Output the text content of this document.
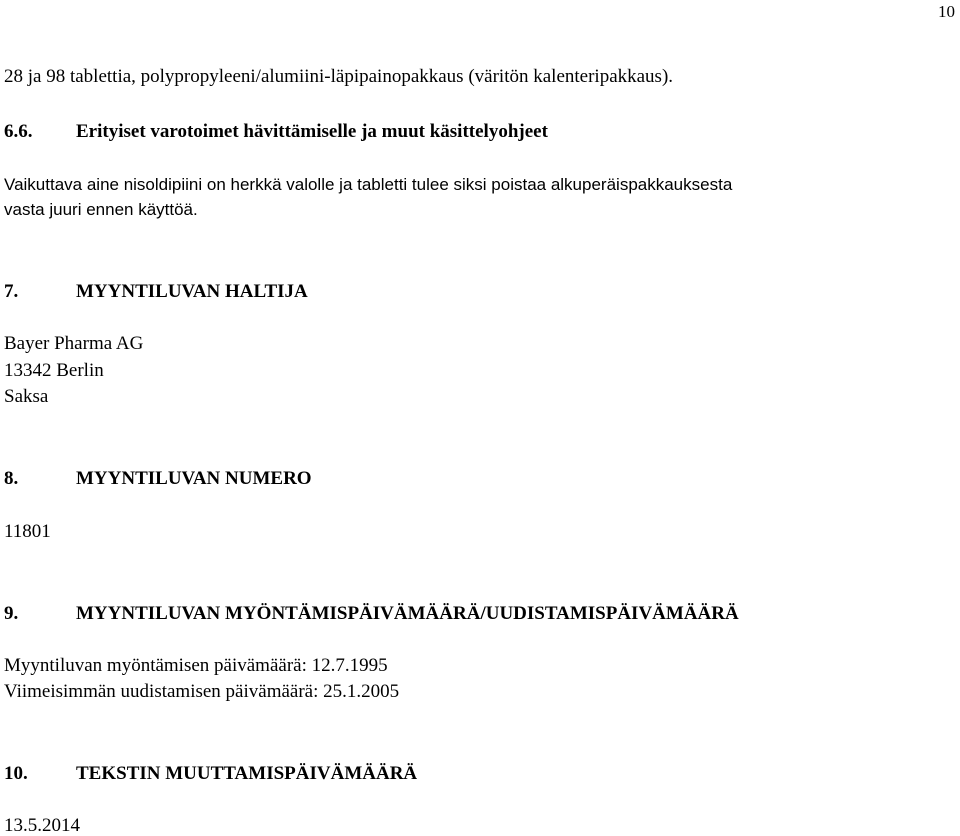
10
28 ja 98 tablettia, polypropyleeni/alumiini-läpipainopakkaus (väritön kalenteripakkaus).
6.6. Erityiset varotoimet hävittämiselle ja muut käsittelyohjeet
Vaikuttava aine nisoldipiini on herkkä valolle ja tabletti tulee siksi poistaa alkuperäispakkauksesta
vasta juuri ennen käyttöä.
7.	MYYNTILUVAN HALTIJA
Bayer Pharma AG
13342 Berlin
Saksa
8.	MYYNTILUVAN NUMERO
11801
9.	MYYNTILUVAN MYÖNTÄMISPÄIVÄMÄÄRÄ/UUDISTAMISPÄIVÄMÄÄRÄ
Myyntiluvan myöntämisen päivämäärä: 12.7.1995
Viimeisimmän uudistamisen päivämäärä: 25.1.2005
10.	TEKSTIN MUUTTAMISPÄIVÄMÄÄRÄ
13.5.2014
